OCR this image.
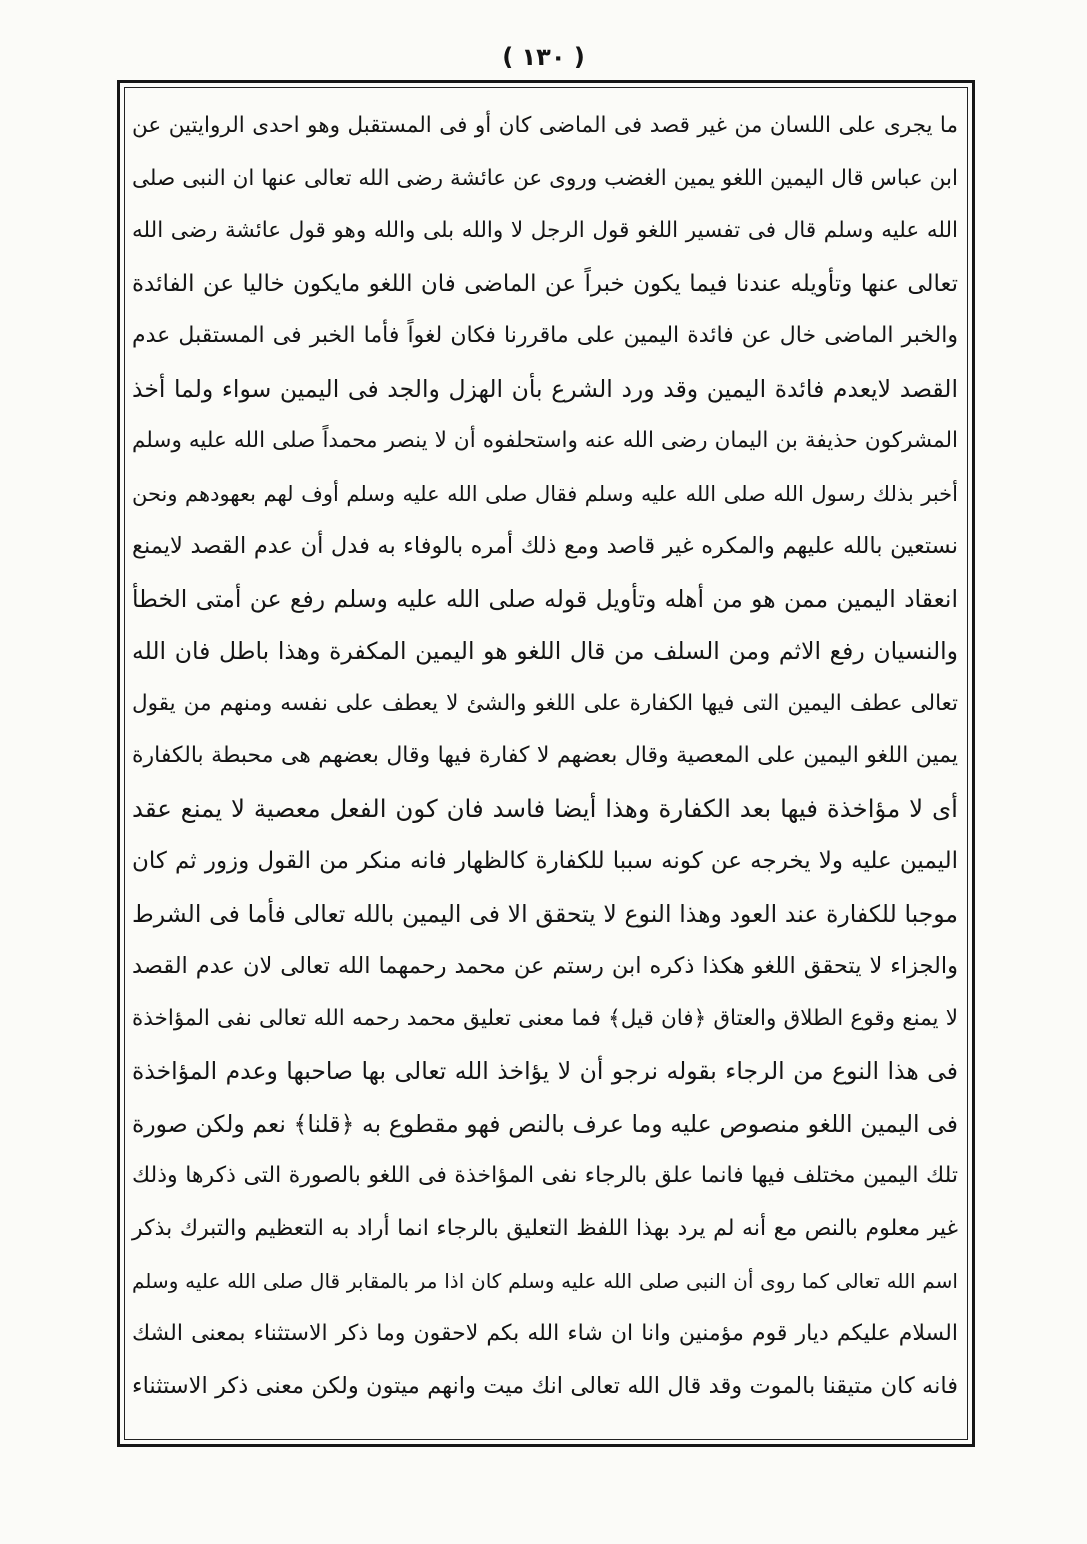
( ١٣٠ )
ما يجرى على اللسان من غير قصد فى الماضى كان أو فى المستقبل وهو احدى الروايتين عن
ابن عباس قال اليمين اللغو يمين الغضب وروى عن عائشة رضى الله تعالى عنها ان النبى صلى
الله عليه وسلم قال فى تفسير اللغو قول الرجل لا والله بلى والله وهو قول عائشة رضى الله
تعالى عنها وتأويله عندنا فيما يكون خبراً عن الماضى فان اللغو مايكون خاليا عن الفائدة
والخبر الماضى خال عن فائدة اليمين على ماقررنا فكان لغواً فأما الخبر فى المستقبل عدم
القصد لايعدم فائدة اليمين وقد ورد الشرع بأن الهزل والجد فى اليمين سواء ولما أخذ
المشركون حذيفة بن اليمان رضى الله عنه واستحلفوه أن لا ينصر محمداً صلى الله عليه وسلم
أخبر بذلك رسول الله صلى الله عليه وسلم فقال صلى الله عليه وسلم أوف لهم بعهودهم ونحن
نستعين بالله عليهم والمكره غير قاصد ومع ذلك أمره بالوفاء به فدل أن عدم القصد لايمنع
انعقاد اليمين ممن هو من أهله وتأويل قوله صلى الله عليه وسلم رفع عن أمتى الخطأ
والنسيان رفع الاثم ومن السلف من قال اللغو هو اليمين المكفرة وهذا باطل فان الله
تعالى عطف اليمين التى فيها الكفارة على اللغو والشئ لا يعطف على نفسه ومنهم من يقول
يمين اللغو اليمين على المعصية وقال بعضهم لا كفارة فيها وقال بعضهم هى محبطة بالكفارة
أى لا مؤاخذة فيها بعد الكفارة وهذا أيضا فاسد فان كون الفعل معصية لا يمنع عقد
اليمين عليه ولا يخرجه عن كونه سببا للكفارة كالظهار فانه منكر من القول وزور ثم كان
موجبا للكفارة عند العود وهذا النوع لا يتحقق الا فى اليمين بالله تعالى فأما فى الشرط
والجزاء لا يتحقق اللغو هكذا ذكره ابن رستم عن محمد رحمهما الله تعالى لان عدم القصد
لا يمنع وقوع الطلاق والعتاق ﴿فان قيل﴾ فما معنى تعليق محمد رحمه الله تعالى نفى المؤاخذة
فى هذا النوع من الرجاء بقوله نرجو أن لا يؤاخذ الله تعالى بها صاحبها وعدم المؤاخذة
فى اليمين اللغو منصوص عليه وما عرف بالنص فهو مقطوع به ﴿قلنا﴾ نعم ولكن صورة
تلك اليمين مختلف فيها فانما علق بالرجاء نفى المؤاخذة فى اللغو بالصورة التى ذكرها وذلك
غير معلوم بالنص مع أنه لم يرد بهذا اللفظ التعليق بالرجاء انما أراد به التعظيم والتبرك بذكر
اسم الله تعالى كما روى أن النبى صلى الله عليه وسلم كان اذا مر بالمقابر قال صلى الله عليه وسلم
السلام عليكم ديار قوم مؤمنين وانا ان شاء الله بكم لاحقون وما ذكر الاستثناء بمعنى الشك
فانه كان متيقنا بالموت وقد قال الله تعالى انك ميت وانهم ميتون ولكن معنى ذكر الاستثناء
